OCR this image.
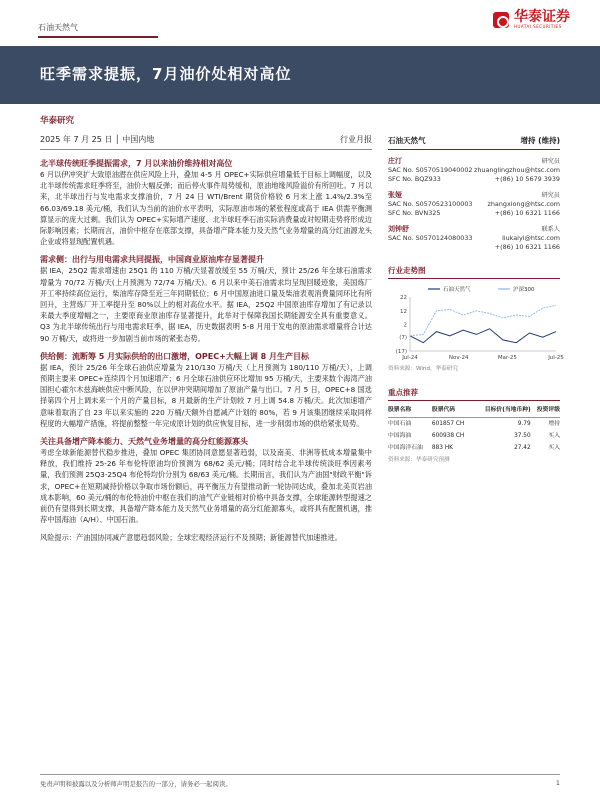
石油天然气
华泰证券
HUATAI SECURITIES
旺季需求提振，7月油价处相对高位
华泰研究
2025 年 7 月 25 日 │ 中国内地	行业月报
北半球传统旺季提振需求，7 月以来油价维持相对高位
6 月以伊冲突扩大致原油潜在供应风险上升，叠加 4-5 月 OPEC+实际供应增量低于目标上调幅度，以及北半球传统需求旺季将至，油价大幅反弹；而后停火事件局势缓和，原油地缘风险溢价有所回吐。7 月以来，北半球出行与发电需求支撑油价，7 月 24 日 WTI/Brent 期货价格较 6 月末上涨 1.4%/2.3%至 66.03/69.18 美元/桶，我们认为当前的油价水平表明，实际原油市场的紧张程度或高于 IEA 供需平衡测算显示的庞大过剩。我们认为 OPEC+实际增产速度、北半球旺季石油实际消费量或对短期走势将形成边际影响因素；长期而言，油价中枢存在底部支撑，具备增产降本能力及天然气业务增量的高分红油源龙头企业或将显现配置机遇。
需求侧：出行与用电需求共同提振，中国商业原油库存显著提升
据 IEA，25Q2 需求增速由 25Q1 的 110 万桶/天显著放缓至 55 万桶/天，预计 25/26 年全球石油需求增量为 70/72 万桶/天(上月预测为 72/74 万桶/天)。6 月以来中美石油需求均呈现回暖迹象，美国炼厂开工率持续高位运行，柴油库存降至近三年同期低位；6 月中国原油进口量及柴油表观消费量同环比有所回升，主营炼厂开工率提升至 80%以上的相对高位水平。据 IEA，25Q2 中国原油库存增加了有记录以来最大季度增幅之一，主要原商业原油库存显著提升，此举对于保障我国长期能源安全具有重要意义。Q3 为北半球传统出行与用电需求旺季，据 IEA，历史数据表明 5-8 月用于发电的原油需求增量将合计达 90 万桶/天，或将进一步加剧当前市场的紧张态势。
供给侧：流断筹 5 月实际供给的出口激增，OPEC+大幅上调 8 月生产目标
据 IEA，预计 25/26 年全球石油供应增量为 210/130 万桶/天（上月预测为 180/110 万桶/天），上调预期主要来 OPEC+连续四个月加速增产；6 月全球石油供应环比增加 95 万桶/天，主要来数个海湾产油国担心霍尔木兹海峡供应中断风险，在以伊冲突期间增加了原油产量与出口。7 月 5 日，OPEC+8 国选择第四个月上调未来一个月的产量目标，8 月最新的生产计划较 7 月上调 54.8 万桶/天。此次加速增产意味着取消了自 23 年以来实施的 220 万桶/天额外自愿减产计划的 80%，若 9 月该集团继续采取同样程度的大幅增产措施，将提前整整一年完成原计划的供应恢复目标，进一步削弱市场的供给紧张局势。
关注具备增产降本能力、天然气业务增量的高分红能源寡头
考虑全球新能源替代稳步推进，叠加 OPEC 集团协同意愿显著趋弱，以及南美、非洲等低成本增量集中释放，我们维持 25-26 年布伦特原油均价预测为 68/62 美元/桶；同时结合北半球传统淡旺季因素考量，我们预测 25Q3-25Q4 布伦特均价分别为 68/63 美元/桶。长期而言，我们认为产油国"财政平衡"诉求，OPEC+在短期减持价格以争取市场份额后，再平衡压力有望推动新一轮协同达成，叠加北美页岩油成本影响，60 美元/桶的布伦特油价中枢在我们的油气产业链相对价格中具备支撑，全球能源转型提速之前仍有望得到长期支撑，具备增产降本能力及天然气业务增量的高分红能源寡头，或将具有配置机遇，推荐中国海油（A/H）、中国石油。
风险提示：产油国协同减产意愿趋弱风险；全球宏观经济运行不及预期；新能源替代加速推进。
石油天然气	增持 (维持)
庄汀	研究员
SAC No. S0570519040002 zhuanglingzhou@htsc.com
SFC No. BQZ933	+(86) 10 5679 3939
张娅	研究员
SAC No. S0570523100003 zhangxiong@htsc.com
SFC No. BVN325	+(86) 10 6321 1166
刘钟舒	联系人
SAC No. S0570124080033	liukaiyi@htsc.com
+(86) 10 6321 1166
行业走势图
22
12
2
(7)
(17)
Jul-24	Nov-24	Mar-25	Jul-25
石油天然气	沪深300
资料来源：Wind，华泰研究
重点推荐
股票名称	股票代码	目标价(当地币种)	投资评级
中国石油	601857 CH	9.79	增持
中国海油	600938 CH	37.50	买入
中国海洋石油	883 HK	27.42	买入
资料来源：华泰研究预测
免责声明和披露以及分析师声明是报告的一部分，请务必一起阅读。	1
